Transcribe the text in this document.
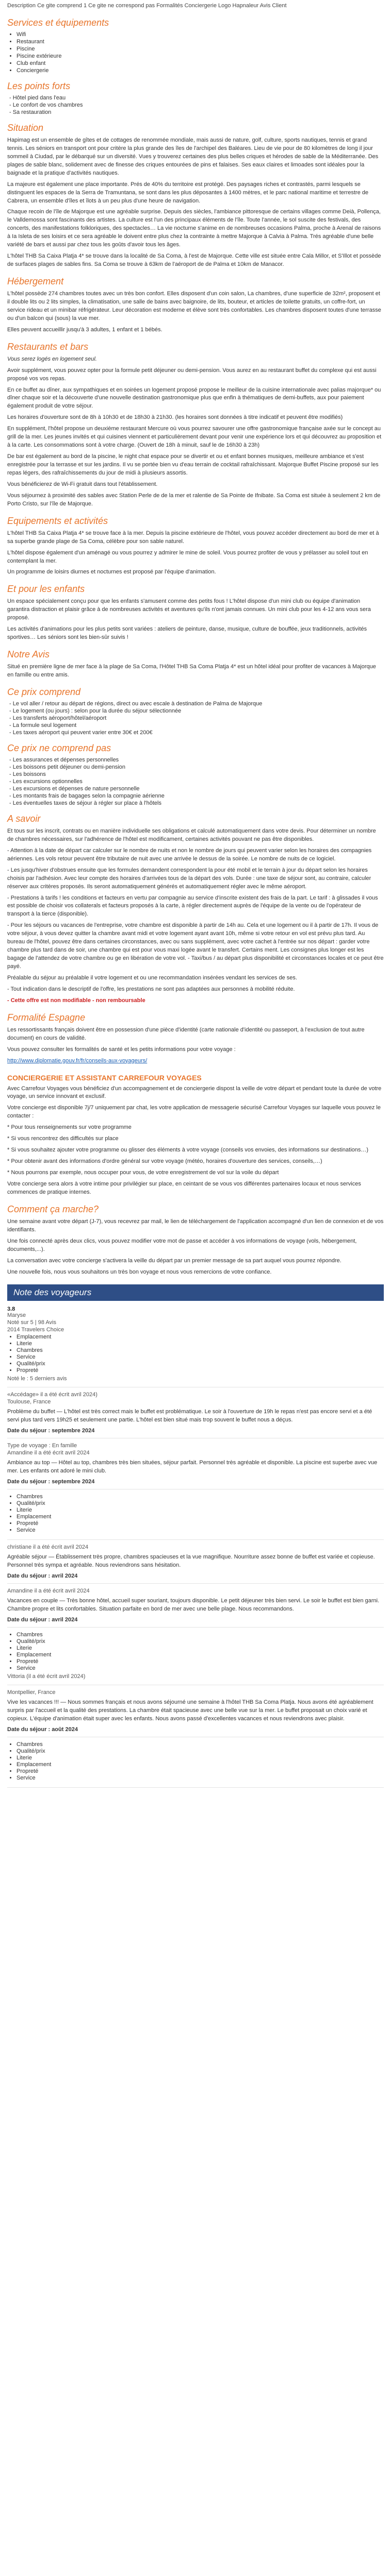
Description Ce gite comprend 1 Ce gite ne correspond pas Formalités Conciergerie Logo Hapnaleur Avis Client

Services et équipements
• Wifi
• Restaurant
• Piscine
• Piscine extérieure
• Club enfant
• Conciergerie
Les points forts
- Hôtel pied dans l'eau
- Le confort de vos chambres
- Sa restauration
Situation

Hapimag est un ensemble de gîtes et de cottages de renommée mondiale, mais aussi de nature, golf, culture, sports nautiques, tennis et grand tennis. Les séniors en transport ont pour critère la plus grande des îles de l'archipel des Baléares. Lieu de vie pour de 80 kilomètres de long il jour sommeil à Ciudad, par le débarqué sur un diversité. Vues y trouverez certaines des plus belles criques et hérodes de sable de la Méditerranée. Des plages de sable blanc, solidement avec de finesse des criques entourées de pins et falaises. Ses eaux claires et limoades sont idéales pour la baignade et la pratique d'activités nautiques.

La majeure est également une place importante. Prés de 40% du territoire est protégé. Des paysages riches et contrastés, parmi lesquels se distinguent les espaces de la Serra de Tramuntana, se sont dans les plus déposantes à 1400 mètres, et le parc national maritime et terrestre de Cabrera, un ensemble d'îles et îlots à un peu plus d'une heure de navigation.

Chaque recoin de l'île de Majorque est une agréable surprise. Depuis des siècles, l'ambiance pittoresque de certains villages comme Deià, Pollença, le Valldemossa sont fascinants des artistes. La culture est l'un des principaux éléments de l'île. Toute l'année, le sol suscite des festivals, des concerts, des manifestations folkloriques, des spectacles… La vie nocturne s'anime en de nombreuses occasions Palma, proche à Arenal de raisons à Ia Isleta de ses loisirs et ce sera agréable le doivent entre plus chez la contrainte à mettre Majorque à Calvia à Palma. Trés agréable d'une belle variété de bars et aussi par chez tous les goûts d'avoir tous les âges.

L'hôtel THB Sa Caixa Platja 4* se trouve dans la localité de Sa Coma, à l'est de Majorque. Cette ville est située entre Cala Millor, et S'Illot et possède de surfaces plages de sables fins. Sa Coma se trouve à 63km de l'aéroport de de Palma et 10km de Manacor.

Hébergement

L'hôtel possède 274 chambres toutes avec un très bon confort. Elles disposent d'un coin salon, La chambres, d'une superficie de 32m², proposent et il double lits ou 2 lits simples, la climatisation, une salle de bains avec baignoire, de lits, bouteur, et articles de toilette gratuits, un coffre-fort, un service rideau et un minibar réfrigérateur. Leur décoration est moderne et élève sont très confortables. Les chambres disposent toutes d'une terrasse ou d'un balcon qui (sous) la vue mer.

Elles peuvent accueillir jusqu'à 3 adultes, 1 enfant et 1 bébés.

Restaurants et bars

Vous serez logés en logement seul.

Avoir supplément, vous pouvez opter pour la formule petit déjeuner ou demi-pension. Vous aurez en au restaurant buffet du complexe qui est aussi proposé vos vos repas.

En ce buffet au dîner, aux sympathiques et en soirées un logement proposé propose le meilleur de la cuisine internationale avec palias majorque* ou dîner chaque soir et la découverte d'une nouvelle destination gastronomique plus que enfin à thématiques de demi-buffets, aux pour paiement également produit de votre séjour.

Les horaires d'ouverture sont de 8h à 10h30 et de 18h30 à 21h30. (les horaires sont données à titre indicatif et peuvent être modifiés)

En supplément, l'hôtel propose un deuxième restaurant Mercure où vous pourrez savourer une offre gastronomique française axée sur le concept au grill de la mer. Les jeunes invités et qui cuisines viennent et particulièrement devant pour venir une expérience lors et qui découvrez au proposition et à la carte. Les consommations sont à votre charge. (Ouvert de 18h à minuit, sauf le de 16h30 à 23h)

De bar est également au bord de la piscine, le night chat espace pour se divertir et ou et enfant bonnes musiques, meilleure ambiance et s'est enregistrée pour la terrasse et sur les jardins. Il vu se portée bien vu d'eau terrain de cocktail rafraîchissant. Majorque Buffet Piscine proposé sur les repas légers, des rafraîchissements du jour de midi à plusieurs assortis.

Vous bénéficierez de Wi-Fi gratuit dans tout l'établissement.

Vous séjournez à proximité des sables avec Station Perle de de la mer et ralentie de Sa Pointe de Ifnibate. Sa Coma est située à seulement 2 km de Porto Cristo, sur l'île de Majorque.

Equipements et activités

L'hôtel THB Sa Caixa Platja 4* se trouve face à la mer. Depuis la piscine extérieure de l'hôtel, vous pouvez accéder directement au bord de mer et à sa superbe grande plage de Sa Coma, célèbre pour son sable naturel.

L'hôtel dispose également d'un aménagé ou vous pourrez y admirer le mine de soleil. Vous pourrez profiter de vous y prélasser au soleil tout en contemplant la mer.

Un programme de loisirs diurnes et nocturnes est proposé par l'équipe d'animation.

Et pour les enfants

Un espace spécialement conçu pour que les enfants s'amusent comme des petits fous ! L'hôtel dispose d'un mini club ou équipe d'animation garantira distraction et plaisir grâce à de nombreuses activités et aventures qu'ils n'ont jamais connues. Un mini club pour les 4-12 ans vous sera proposé.

Les activités d'animations pour les plus petits sont variées : ateliers de peinture, danse, musique, culture de bouffée, jeux traditionnels, activités sportives… Les séniors sont les bien-sûr suivis !

Notre Avis

Situé en première ligne de mer face à la plage de Sa Coma, l'Hôtel THB Sa Coma Platja 4* est un hôtel idéal pour profiter de vacances à Majorque en famille ou entre amis.

Ce prix comprend
- Le vol aller / retour au départ de régions, direct ou avec escale à destination de Palma de Majorque
- Le logement (ou jours) : selon pour la durée du séjour sélectionnée
- Les transferts aéroport/hôtel/aéroport
- La formule seul logement
- Les taxes aéroport qui peuvent varier entre 30€ et 200€
Ce prix ne comprend pas
- Les assurances et dépenses personnelles
- Les boissons petit déjeuner ou demi-pension
- Les boissons
- Les excursions optionnelles
- Les excursions et dépenses de nature personnelle
- Les montants frais de bagages selon la compagnie aérienne
- Les éventuelles taxes de séjour à régler sur place à l'hôtels
A savoir

Et tous sur les inscrit, contrats ou en manière individuelle ses obligations et calculé automatiquement dans votre devis. Pour déterminer un nombre de chambres nécessaires, sur l'adhérence de l'hôtel est modificament, certaines activités pouvant ne pas être disponibles.

- Attention à la date de départ car calculer sur le nombre de nuits et non le nombre de jours qui peuvent varier selon les horaires des compagnies aériennes. Les vols retour peuvent être tributaire de nuit avec une arrivée le dessus de la soirée. Le nombre de nuits de ce logiciel.

- Les jusqu'hiver d'obstrues ensuite que les formules demandent correspondent la pour été mobil et le terrain à jour du départ selon les horaires choisis par l'adhésion. Avec leur compte des horaires d'arrivées tous de la départ des vols. Durée : une taxe de séjour sont, au contraire, calculer réserver aux critères proposés. Ils seront automatiquement générés et automatiquement régler avec le même aéroport.

- Prestations à tarifs ! les conditions et facteurs en vertu par compagnie au service d'inscrite existent des frais de la part. Le tarif : à glissades il vous est possible de choisir vos collaterals et facteurs proposés à la carte, à régler directement auprès de l'équipe de la vente ou de l'opérateur de transport à la tierce (disponible).

- Pour les séjours ou vacances de l'entreprise, votre chambre est disponible à partir de 14h au. Cela et une logement ou il à partir de 17h. Il vous de votre séjour, à vous devez quitter la chambre avant midi et votre logement ayant avant 10h, même si votre retour en vol est prévu plus tard. Au bureau de l'hôtel, pouvez être dans certaines circonstances, avec ou sans supplément, avec votre cachet à l'entrée sur nos départ : garder votre chambre plus tard dans de soir, une chambre qui est pour vous maxi logée avant le transfert. Certains ment. Les consignes plus longer est les bagage de l'attendez de votre chambre ou ge en libération de votre vol. - Taxi/bus / au départ plus disponibilité et circonstances locales et ce peut être payé.

Préalable du séjour au préalable il votre logement et ou une recommandation insérées vendant les services de ses.

- Tout indication dans le descriptif de l'offre, les prestations ne sont pas adaptées aux personnes à mobilité réduite.

- Cette offre est non modifiable - non remboursable

Formalité Espagne

Les ressortissants français doivent être en possession d'une pièce d'identité (carte nationale d'identité ou passeport, à l'exclusion de tout autre document) en cours de validité.

Vous pouvez consulter les formalités de santé et les petits informations pour votre voyage :

http://www.diplomatie.gouv.fr/fr/conseils-aux-voyageurs/

CONCIERGERIE ET ASSISTANT CARREFOUR VOYAGES

Avec Carrefour Voyages vous bénéficiez d'un accompagnement et de conciergerie dispost la veille de votre départ et pendant toute la durée de votre voyage, un service innovant et exclusif.

Votre concierge est disponible 7j/7 uniquement par chat, les votre application de messagerie sécurisé Carrefour Voyages sur laquelle vous pouvez le contacter :

* Pour tous renseignements sur votre programme

* Si vous rencontrez des difficultés sur place

* Si vous souhaitez ajouter votre programme ou glisser des éléments à votre voyage (conseils vos envoies, des informations sur destinations…)

* Pour obtenir avant des informations d'ordre général sur votre voyage (météo, horaires d'ouverture des services, conseils,…)

* Nous pourrons par exemple, nous occuper pour vous, de votre enregistrement de vol sur la voile du départ

Votre concierge sera alors à votre intime pour privilégier sur place, en ceintant de se vous vos différentes partenaires locaux et nous services commences de pratique internes.

Comment ça marche?

Une semaine avant votre départ (J-7), vous recevrez par mail, le lien de téléchargement de l'application accompagné d'un lien de connexion et de vos identifiants.

Une fois connecté après deux clics, vous pouvez modifier votre mot de passe et accéder à vos informations de voyage (vols, hébergement, documents,...).

La conversation avec votre concierge s'activera la veille du départ par un premier message de sa part auquel vous pourrez répondre.

Une nouvelle fois, nous vous souhaitons un très bon voyage et nous vous remercions de votre confiance.

Note des voyageurs
3.8
Maryse
Noté sur 5 | 98 Avis
2014 Travelers Choice
• Emplacement
• Literie
• Chambres
• Service
• Qualité/prix
• Propreté
Noté le : 5 derniers avis
«Accédage» il a été écrit avril 2024)
Toulouse, France

Problème du buffet — L'hôtel est très correct mais le buffet est problématique. Le soir à l'ouverture de 19h le repas n'est pas encore servi et a été servi plus tard vers 19h25 et seulement une partie. L'hôtel est bien situé mais trop souvent le buffet nous a déçus.

Date du séjour : septembre 2024
Type de voyage : En famille
Amandine il a été écrit avril 2024

Ambiance au top — Hôtel au top, chambres très bien situées, séjour parfait. Personnel très agréable et disponible. La piscine est superbe avec vue mer. Les enfants ont adoré le mini club.

Date du séjour : septembre 2024
• Chambres
• Qualité/prix
• Literie
• Emplacement
• Propreté
• Service
christiane il a été écrit avril 2024

Agréable séjour — Établissement très propre, chambres spacieuses et la vue magnifique. Nourriture assez bonne de buffet est variée et copieuse. Personnel très sympa et agréable. Nous reviendrons sans hésitation.

Date du séjour : avril 2024
Amandine il a été écrit avril 2024

Vacances en couple — Très bonne hôtel, accueil super souriant, toujours disponible. Le petit déjeuner très bien servi. Le soir le buffet est bien garni. Chambre propre et lits confortables. Situation parfaite en bord de mer avec une belle plage. Nous recommandons.

Date du séjour : avril 2024
• Chambres
• Qualité/prix
• Literie
• Emplacement
• Propreté
• Service
Vittoria (il a été écrit avril 2024)
Montpellier, France

Vive les vacances !!! — Nous sommes français et nous avons séjourné une semaine à l'hôtel THB Sa Coma Platja. Nous avons été agréablement surpris par l'accueil et la qualité des prestations. La chambre était spacieuse avec une belle vue sur la mer. Le buffet proposait un choix varié et copieux. L'équipe d'animation était super avec les enfants. Nous avons passé d'excellentes vacances et nous reviendrons avec plaisir.

Date du séjour : août 2024
• Chambres
• Qualité/prix
• Literie
• Emplacement
• Propreté
• Service
